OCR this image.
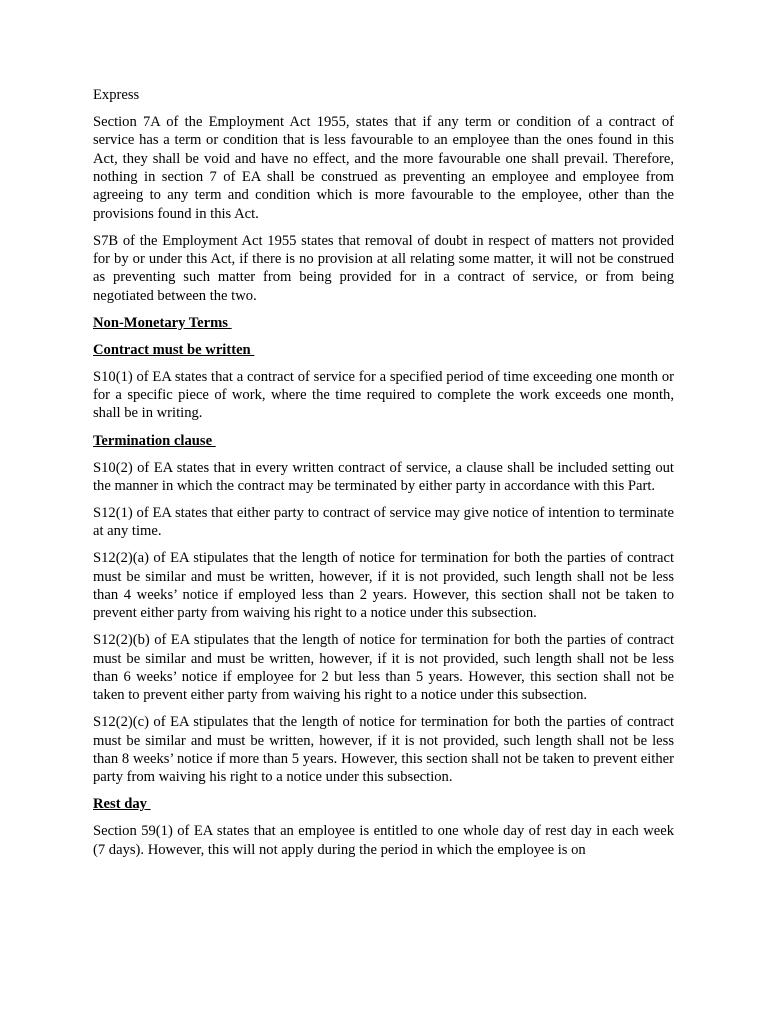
Express

Section 7A of the Employment Act 1955, states that if any term or condition of a contract of service has a term or condition that is less favourable to an employee than the ones found in this Act, they shall be void and have no effect, and the more favourable one shall prevail. Therefore, nothing in section 7 of EA shall be construed as preventing an employee and employee from agreeing to any term and condition which is more favourable to the employee, other than the provisions found in this Act.

S7B of the Employment Act 1955 states that removal of doubt in respect of matters not provided for by or under this Act, if there is no provision at all relating some matter, it will not be construed as preventing such matter from being provided for in a contract of service, or from being negotiated between the two.

Non-Monetary Terms

Contract must be written

S10(1) of EA states that a contract of service for a specified period of time exceeding one month or for a specific piece of work, where the time required to complete the work exceeds one month, shall be in writing.

Termination clause

S10(2) of EA states that in every written contract of service, a clause shall be included setting out the manner in which the contract may be terminated by either party in accordance with this Part.

S12(1) of EA states that either party to contract of service may give notice of intention to terminate at any time.

S12(2)(a) of EA stipulates that the length of notice for termination for both the parties of contract must be similar and must be written, however, if it is not provided, such length shall not be less than 4 weeks’ notice if employed less than 2 years. However, this section shall not be taken to prevent either party from waiving his right to a notice under this subsection.

S12(2)(b) of EA stipulates that the length of notice for termination for both the parties of contract must be similar and must be written, however, if it is not provided, such length shall not be less than 6 weeks’ notice if employee for 2 but less than 5 years. However, this section shall not be taken to prevent either party from waiving his right to a notice under this subsection.

S12(2)(c) of EA stipulates that the length of notice for termination for both the parties of contract must be similar and must be written, however, if it is not provided, such length shall not be less than 8 weeks’ notice if more than 5 years. However, this section shall not be taken to prevent either party from waiving his right to a notice under this subsection.

Rest day

Section 59(1) of EA states that an employee is entitled to one whole day of rest day in each week (7 days). However, this will not apply during the period in which the employee is on
